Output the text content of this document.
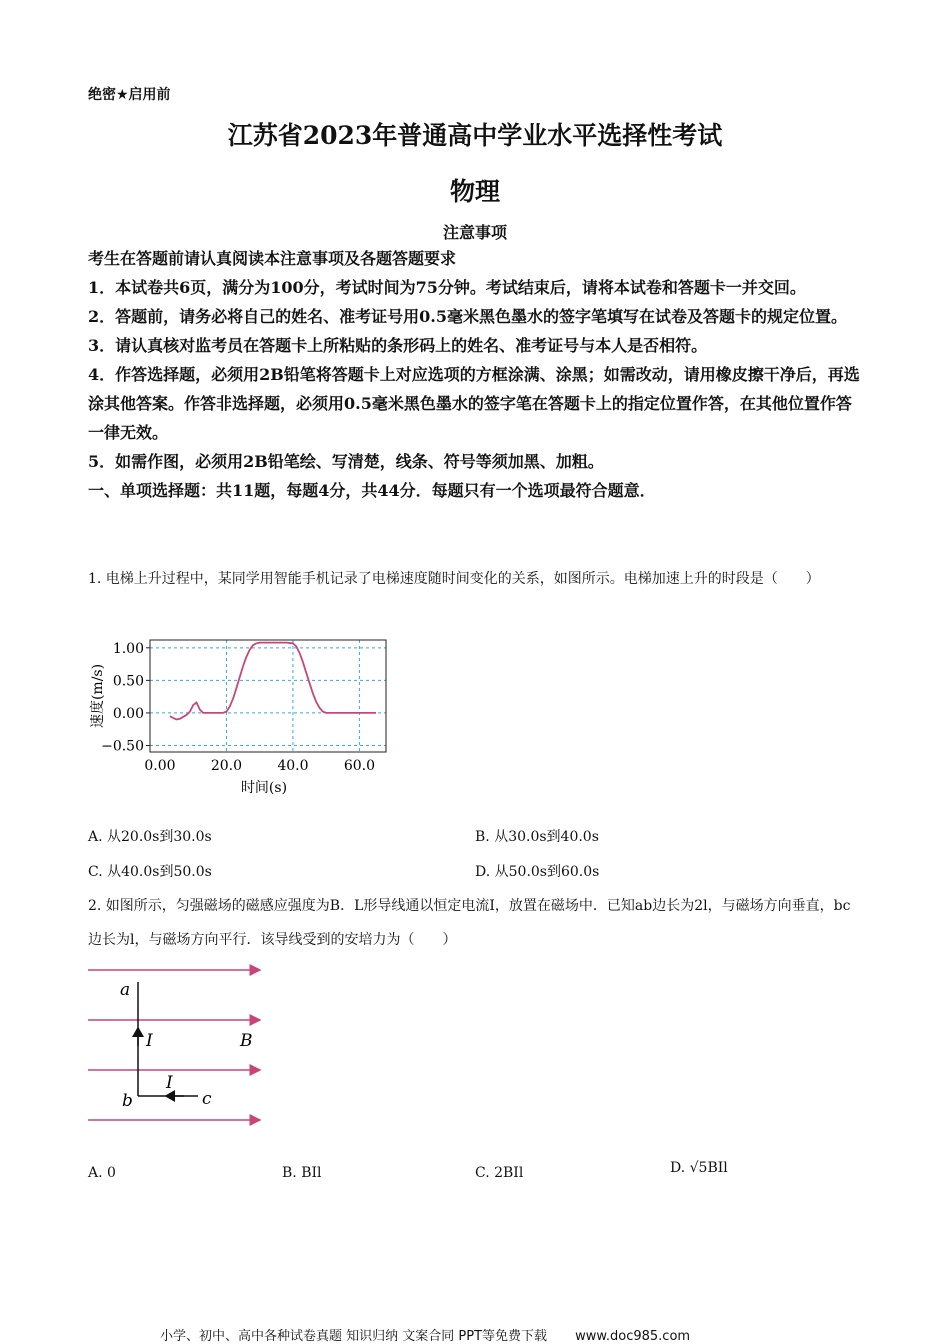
绝密★启用前
江苏省2023年普通高中学业水平选择性考试
物理
注意事项

考生在答题前请认真阅读本注意事项及各题答题要求

1．本试卷共6页，满分为100分，考试时间为75分钟。考试结束后，请将本试卷和答题卡一并交回。

2．答题前，请务必将自己的姓名、准考证号用0.5毫米黑色墨水的签字笔填写在试卷及答题卡的规定位置。

3．请认真核对监考员在答题卡上所粘贴的条形码上的姓名、准考证号与本人是否相符。

4．作答选择题，必须用2B铅笔将答题卡上对应选项的方框涂满、涂黑；如需改动，请用橡皮擦干净后，再选涂其他答案。作答非选择题，必须用0.5毫米黑色墨水的签字笔在答题卡上的指定位置作答，在其他位置作答一律无效。

5．如需作图，必须用2B铅笔绘、写清楚，线条、符号等须加黑、加粗。

一、单项选择题：共11题，每题4分，共44分．每题只有一个选项最符合题意．

1. 电梯上升过程中，某同学用智能手机记录了电梯速度随时间变化的关系，如图所示。电梯加速上升的时段是（　　）
0.00	20.0	40.0	60.0
1.00
0.50
0.00
−0.50
时间(s)
速度(m/s)
A. 从20.0s到30.0s	B. 从30.0s到40.0s
C. 从40.0s到50.0s	D. 从50.0s到60.0s
2. 如图所示，匀强磁场的磁感应强度为B．L形导线通以恒定电流I，放置在磁场中．已知ab边长为2l，与磁场方向垂直，bc边长为l，与磁场方向平行．该导线受到的安培力为（　　）
a
b	c
I
I
B
A. 0	B. BIl	C. 2BIl	D. √5BIl
小学、初中、高中各种试卷真题 知识归纳 文案合同 PPT等免费下载 www.doc985.com
